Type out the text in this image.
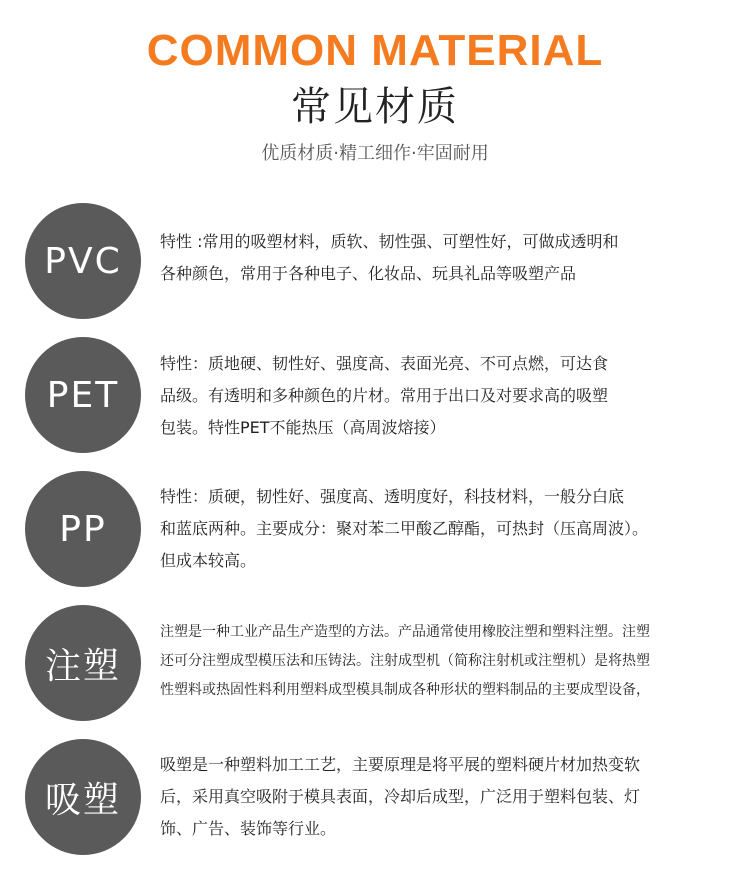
COMMON MATERIAL
常见材质
优质材质·精工细作·牢固耐用
PVC	特性 :常用的吸塑材料，质软、韧性强、可塑性好，可做成透明和
各种颜色，常用于各种电子、化妆品、玩具礼品等吸塑产品
PET
特性：质地硬、韧性好、强度高、表面光亮、不可点燃，可达食
品级。有透明和多种颜色的片材。常用于出口及对要求高的吸塑
包装。特性PET不能热压（高周波熔接）
PP
特性：质硬，韧性好、强度高、透明度好，科技材料，一般分白底
和蓝底两种。主要成分：聚对苯二甲酸乙醇酯，可热封（压高周波）。
但成本较高。
注塑
注塑是一种工业产品生产造型的方法。产品通常使用橡胶注塑和塑料注塑。注塑
还可分注塑成型模压法和压铸法。注射成型机（简称注射机或注塑机）是将热塑
性塑料或热固性料利用塑料成型模具制成各种形状的塑料制品的主要成型设备，
吸塑
吸塑是一种塑料加工工艺，主要原理是将平展的塑料硬片材加热变软
后，采用真空吸附于模具表面，冷却后成型，广泛用于塑料包装、灯
饰、广告、装饰等行业。
